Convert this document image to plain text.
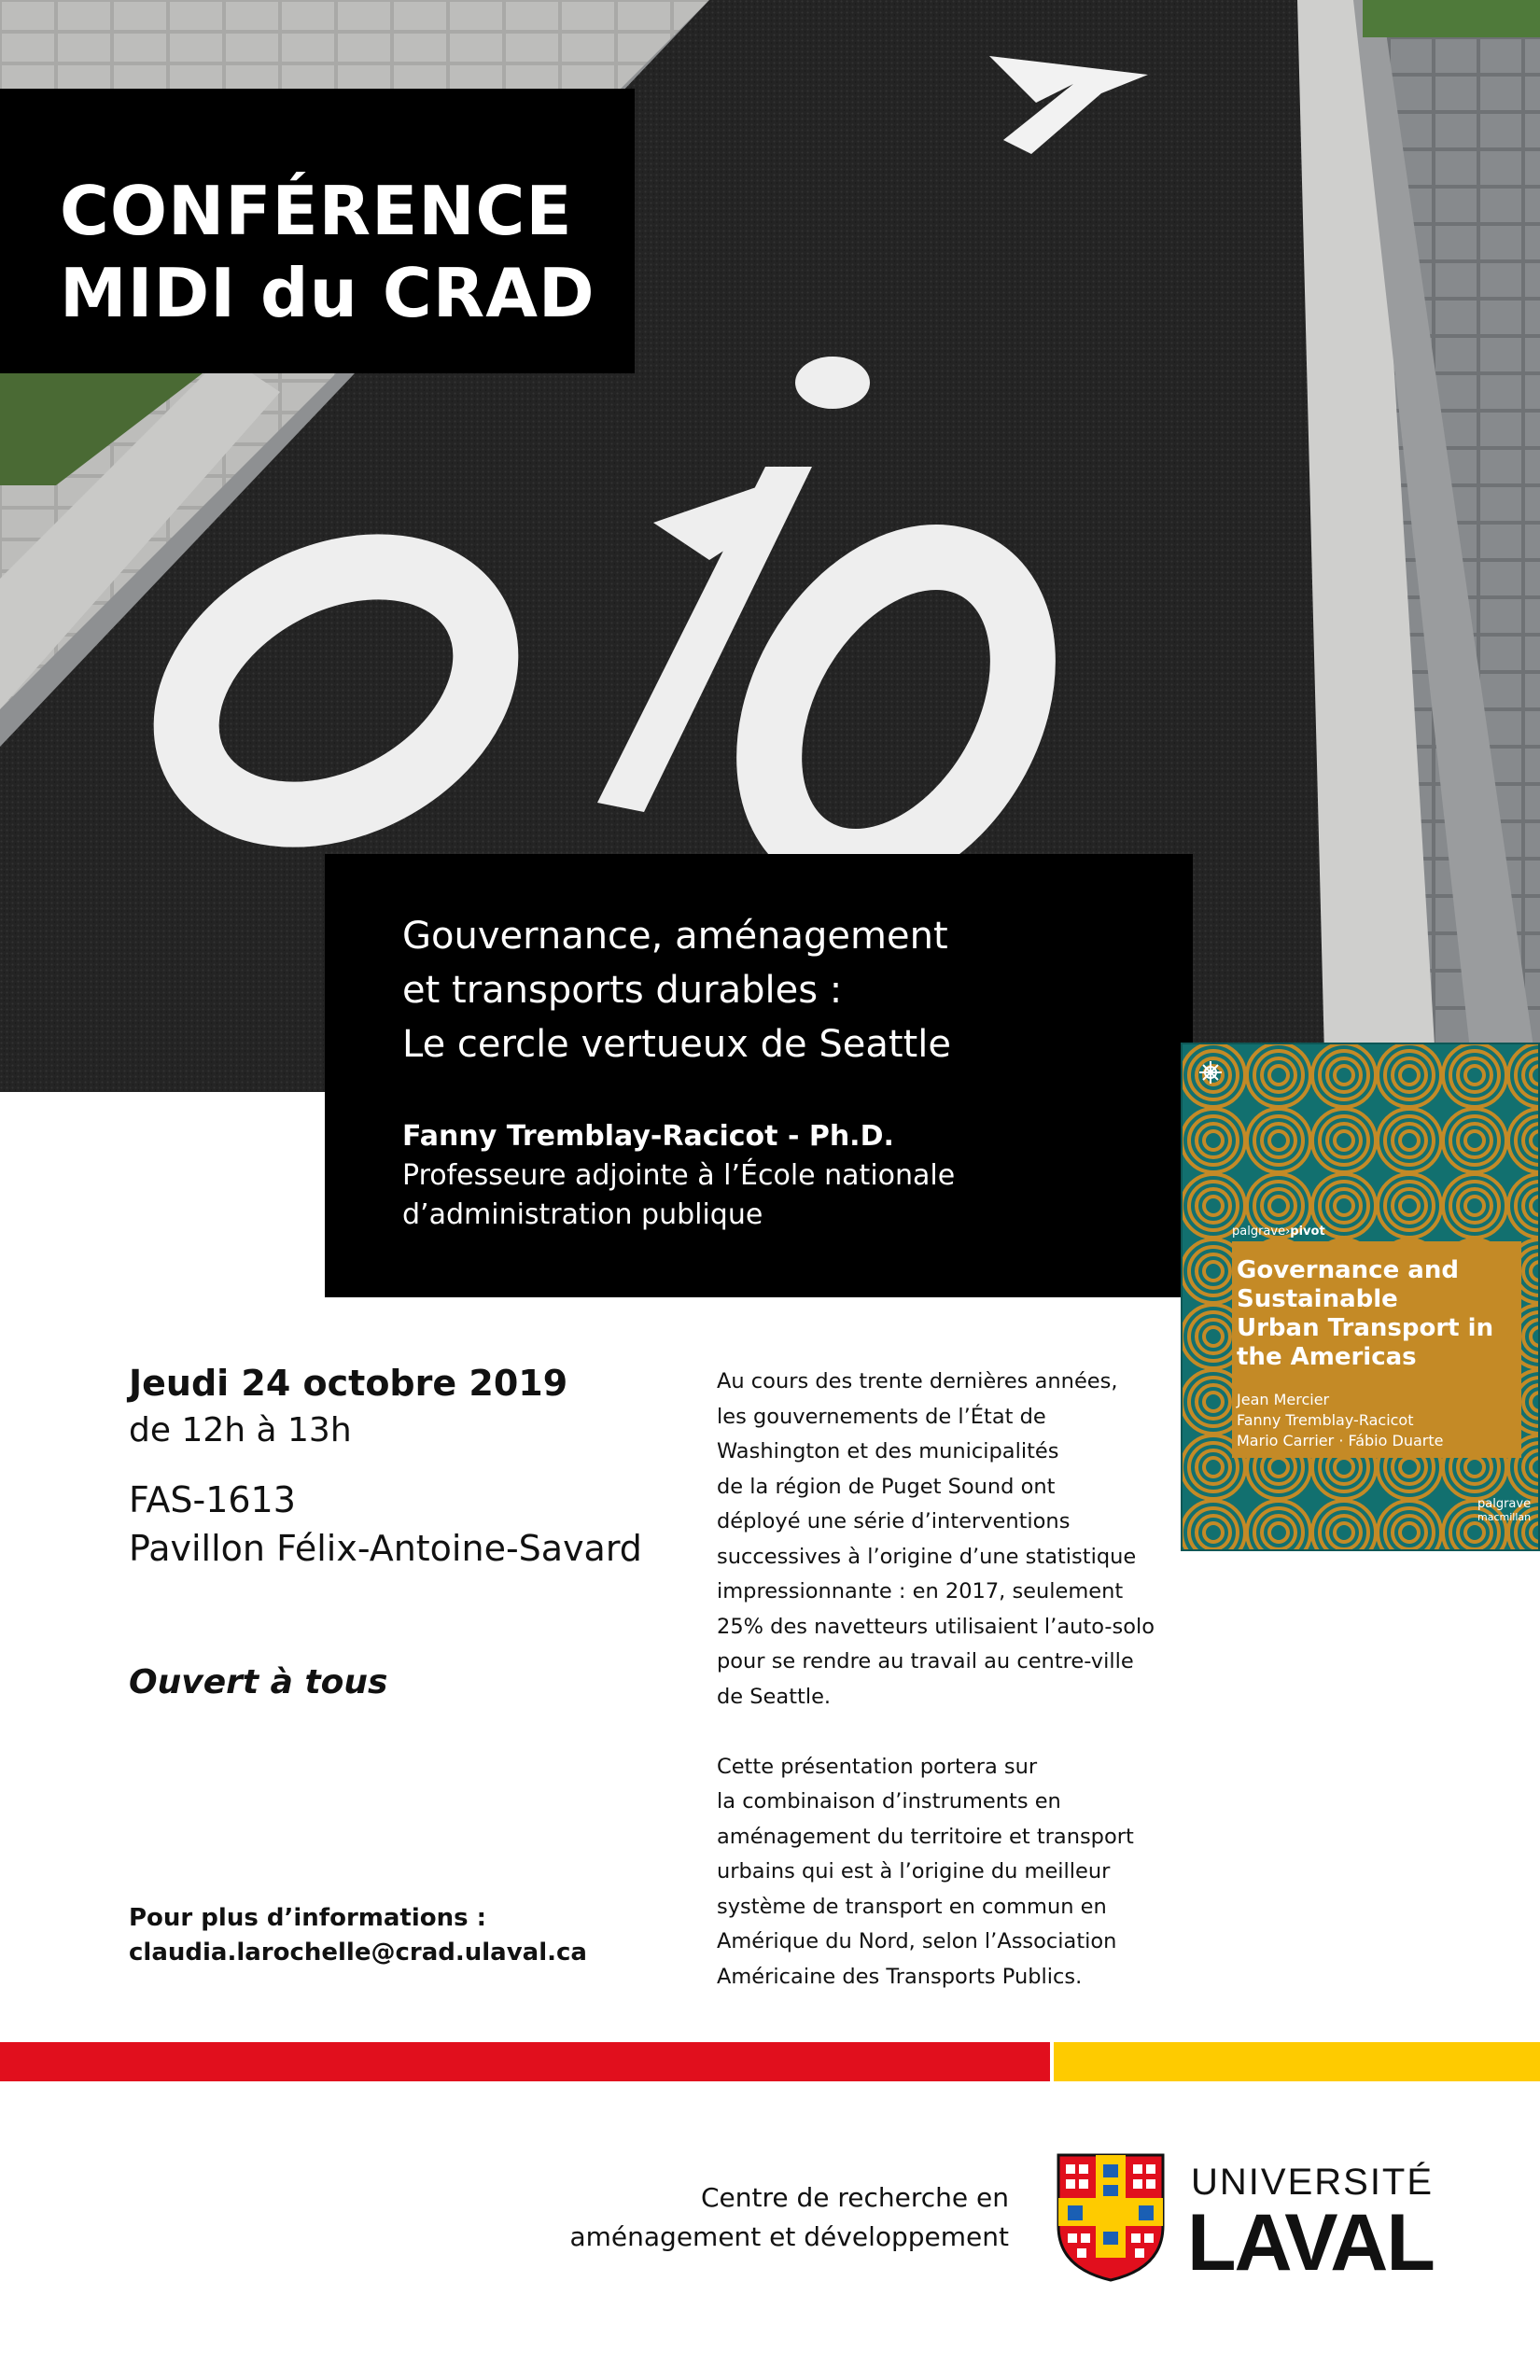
CONFÉRENCE
MIDI du CRAD
Gouvernance, aménagement
et transports durables :
Le cercle vertueux de Seattle
Fanny Tremblay-Racicot - Ph.D.
Professeure adjointe à l’École nationale
d’administration publique
palgrave›pivot
Governance and
Sustainable
Urban Transport in
the Americas
Jean Mercier
Fanny Tremblay-Racicot
Mario Carrier · Fábio Duarte
palgrave
macmillan
Jeudi 24 octobre 2019
de 12h à 13h
FAS-1613
Pavillon Félix-Antoine-Savard
Ouvert à tous
Pour plus d’informations :
claudia.larochelle@crad.ulaval.ca
Au cours des trente dernières années,
les gouvernements de l’État de
Washington et des municipalités
de la région de Puget Sound ont
déployé une série d’interventions
successives à l’origine d’une statistique
impressionnante : en 2017, seulement
25% des navetteurs utilisaient l’auto-solo
pour se rendre au travail au centre-ville
de Seattle.
Cette présentation portera sur
la combinaison d’instruments en
aménagement du territoire et transport
urbains qui est à l’origine du meilleur
système de transport en commun en
Amérique du Nord, selon l’Association
Américaine des Transports Publics.
Centre de recherche en
aménagement et développement
UNIVERSITÉ
LAVAL
